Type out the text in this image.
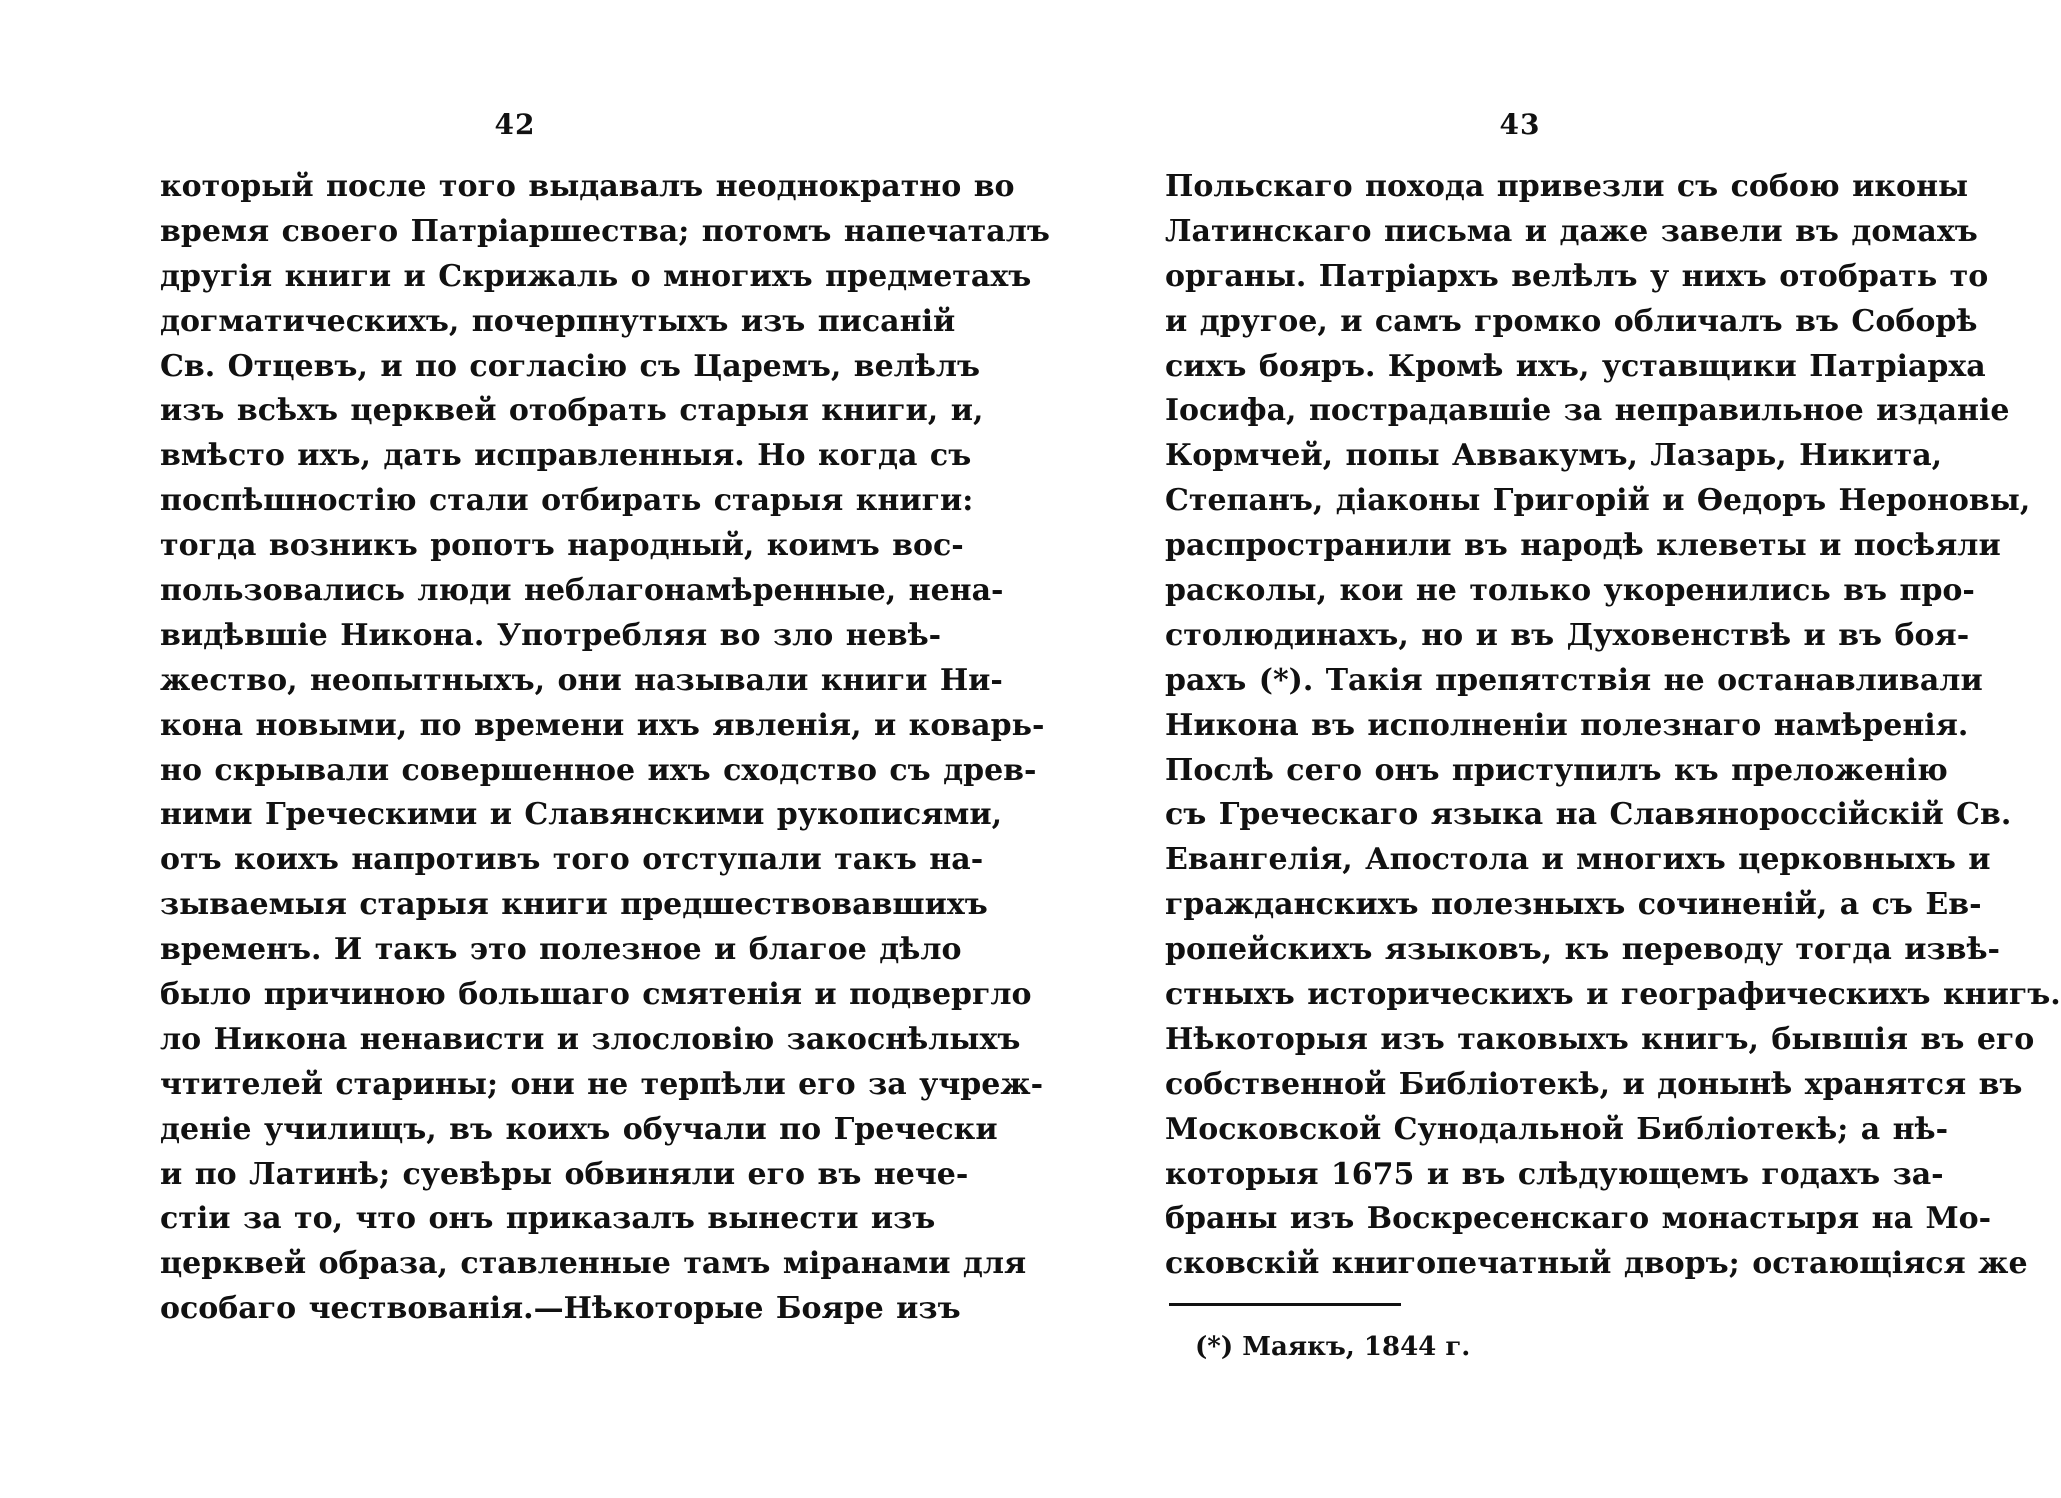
42
который после того выдавалъ неоднократно во
время своего Патріаршества; потомъ напечаталъ
другія книги и Скрижаль о многихъ предметахъ
догматическихъ, почерпнутыхъ изъ писаній
Св. Отцевъ, и по согласію съ Царемъ, велѣлъ
изъ всѣхъ церквей отобрать старыя книги, и,
вмѣсто ихъ, дать исправленныя. Но когда съ
поспѣшностію стали отбирать старыя книги:
тогда возникъ ропотъ народный, коимъ вос-
пользовались люди неблагонамѣренные, нена-
видѣвшіе Никона. Употребляя во зло невѣ-
жество, неопытныхъ, они называли книги Ни-
кона новыми, по времени ихъ явленія, и коварь-
но скрывали совершенное ихъ сходство съ древ-
ними Греческими и Славянскими рукописями,
отъ коихъ напротивъ того отступали такъ на-
зываемыя старыя книги предшествовавшихъ
временъ. И такъ это полезное и благое дѣло
было причиною большаго смятенія и подвергло
ло Никона ненависти и злословію закоснѣлыхъ
чтителей старины; они не терпѣли его за учреж-
деніе училищъ, въ коихъ обучали по Гречески
и по Латинѣ; суевѣры обвиняли его въ нече-
стіи за то, что онъ приказалъ вынести изъ
церквей образа, ставленные тамъ міранами для
особаго чествованія.—Нѣкоторые Бояре изъ
43
Польскаго похода привезли съ собою иконы
Латинскаго письма и даже завели въ домахъ
органы. Патріархъ велѣлъ у нихъ отобрать то
и другое, и самъ громко обличалъ въ Соборѣ
сихъ бояръ. Кромѣ ихъ, уставщики Патріарха
Іосифа, пострадавшіе за неправильное изданіе
Кормчей, попы Аввакумъ, Лазарь, Никита,
Степанъ, діаконы Григорій и Ѳедоръ Нероновы,
распространили въ народѣ клеветы и посѣяли
расколы, кои не только укоренились въ про-
столюдинахъ, но и въ Духовенствѣ и въ боя-
рахъ (*). Такія препятствія не останавливали
Никона въ исполненіи полезнаго намѣренія.
Послѣ сего онъ приступилъ къ преложенію
съ Греческаго языка на Славянороссійскій Св.
Евангелія, Апостола и многихъ церковныхъ и
гражданскихъ полезныхъ сочиненій, а съ Ев-
ропейскихъ языковъ, къ переводу тогда извѣ-
стныхъ историческихъ и географическихъ книгъ.
Нѣкоторыя изъ таковыхъ книгъ, бывшія въ его
собственной Библіотекѣ, и донынѣ хранятся въ
Московской Сунодальной Библіотекѣ; а нѣ-
которыя 1675 и въ слѣдующемъ годахъ за-
браны изъ Воскресенскаго монастыря на Мо-
сковскій книгопечатный дворъ; остающіяся же
(*) Маякъ, 1844 г.
